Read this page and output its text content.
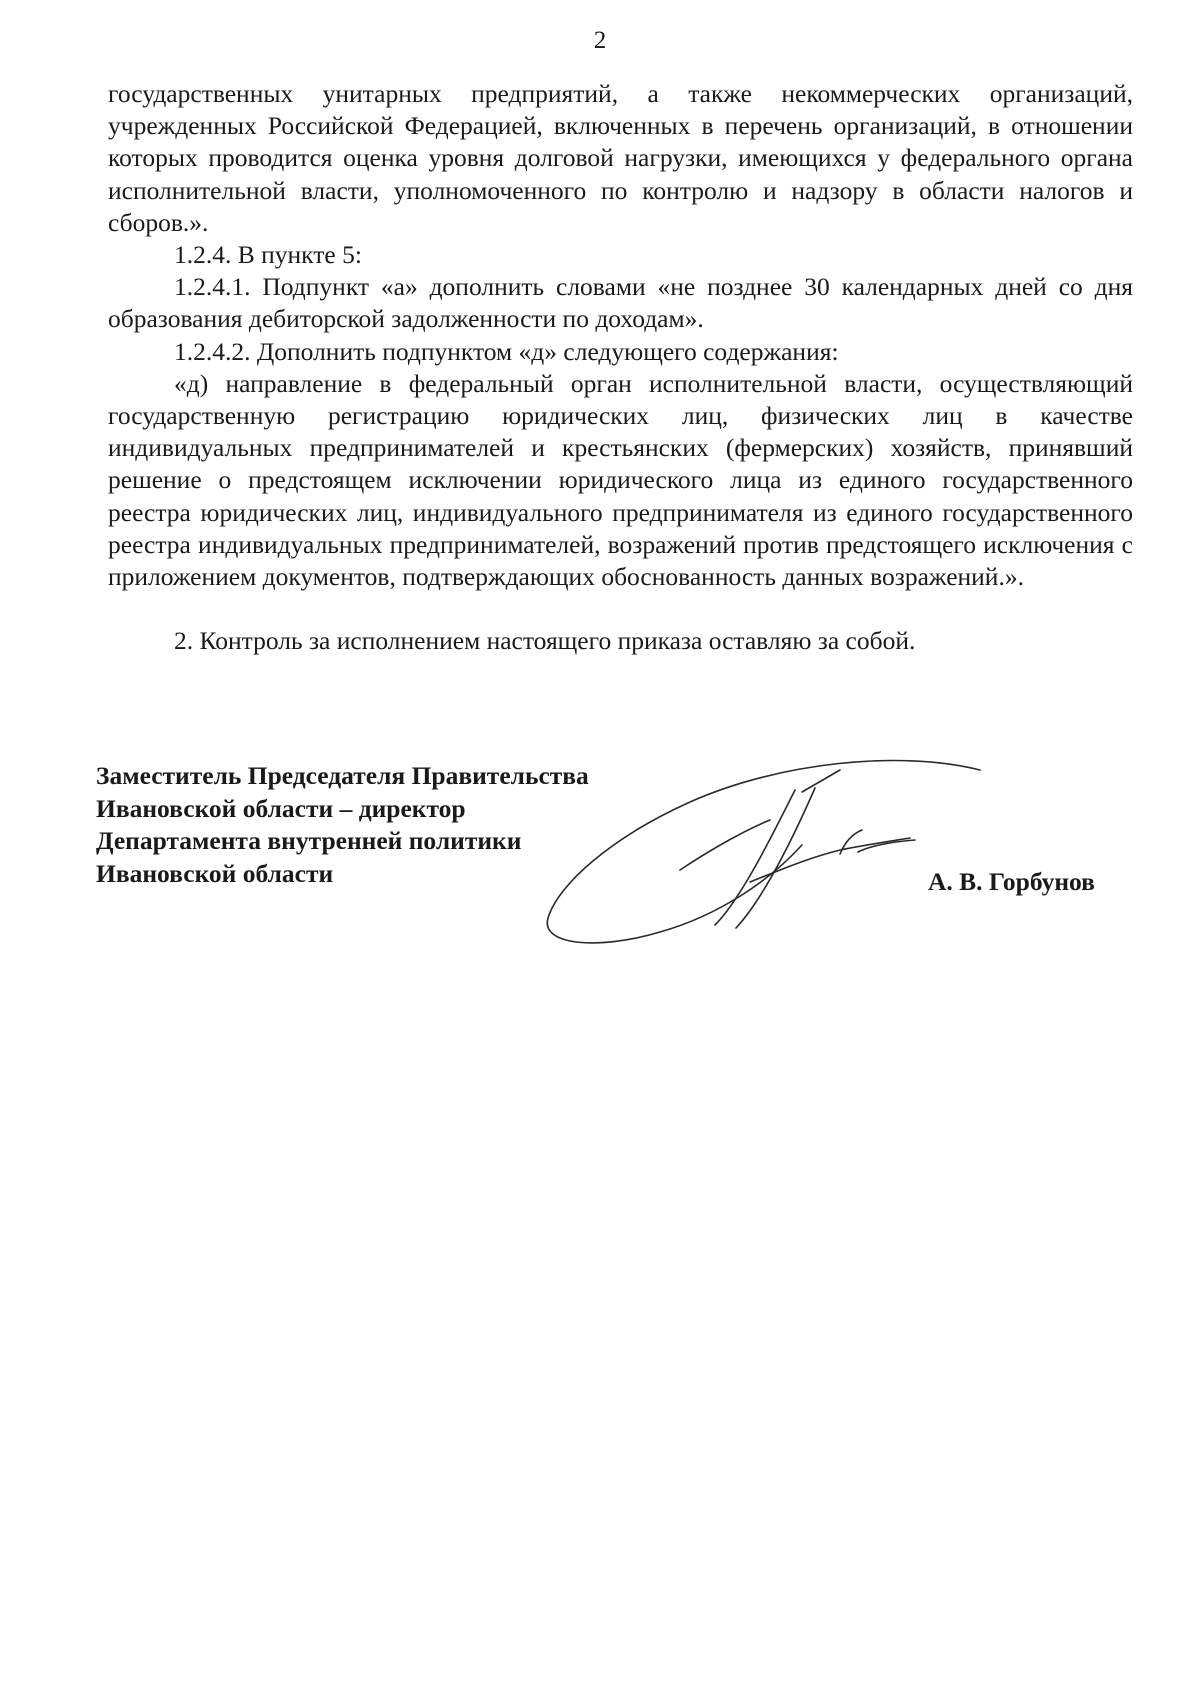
2

государственных унитарных предприятий, а также некоммерческих организаций, учрежденных Российской Федерацией, включенных в перечень организаций, в отношении которых проводится оценка уровня долговой нагрузки, имеющихся у федерального органа исполнительной власти, уполномоченного по контролю и надзору в области налогов и сборов.».

1.2.4. В пункте 5:

1.2.4.1. Подпункт «а» дополнить словами «не позднее 30 календарных дней со дня образования дебиторской задолженности по доходам».

1.2.4.2. Дополнить подпунктом «д» следующего содержания:

«д) направление в федеральный орган исполнительной власти, осуществляющий государственную регистрацию юридических лиц, физических лиц в качестве индивидуальных предпринимателей и крестьянских (фермерских) хозяйств, принявший решение о предстоящем исключении юридического лица из единого государственного реестра юридических лиц, индивидуального предпринимателя из единого государственного реестра индивидуальных предпринимателей, возражений против предстоящего исключения с приложением документов, подтверждающих обоснованность данных возражений.».

2. Контроль за исполнением настоящего приказа оставляю за собой.

Заместитель Председателя Правительства
Ивановской области – директор
Департамента внутренней политики
Ивановской области	А. В. Горбунов
